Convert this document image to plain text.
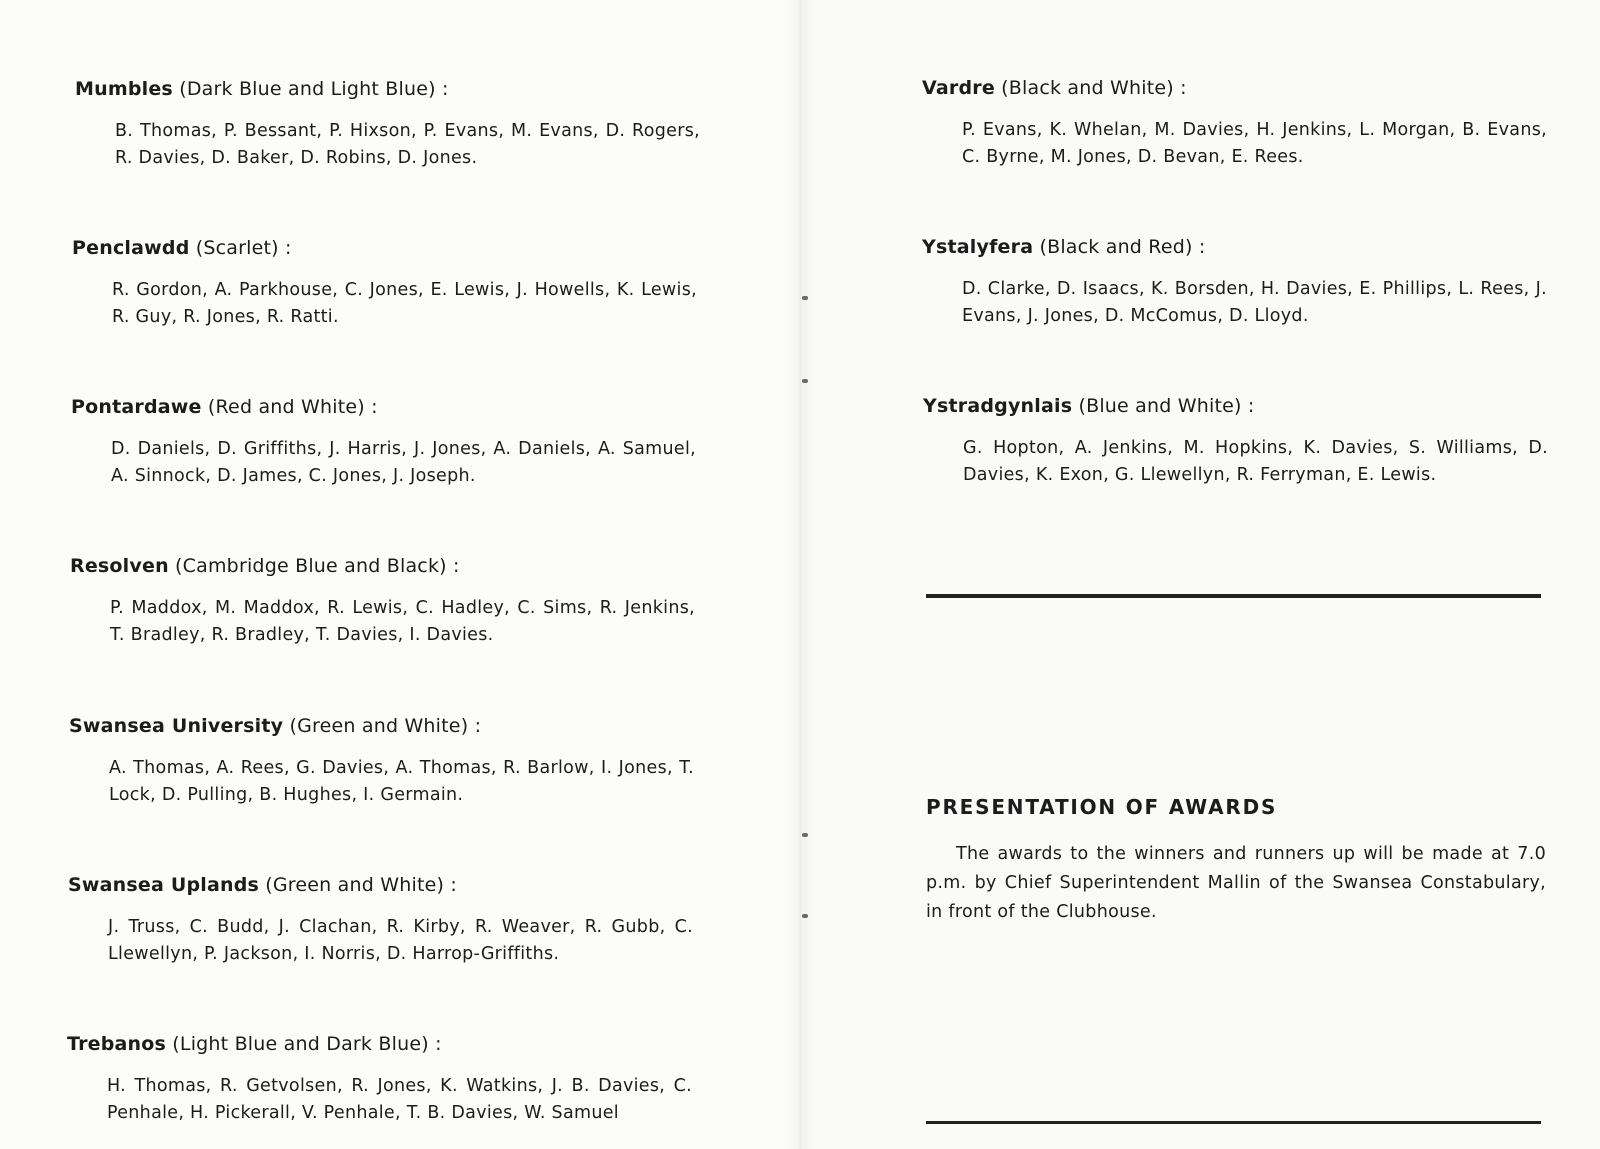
Mumbles (Dark Blue and Light Blue) :

B. Thomas, P. Bessant, P. Hixson, P. Evans, M. Evans, D. Rogers, R. Davies, D. Baker, D. Robins, D. Jones.

Penclawdd (Scarlet) :

R. Gordon, A. Parkhouse, C. Jones, E. Lewis, J. Howells, K. Lewis, R. Guy, R. Jones, R. Ratti.

Pontardawe (Red and White) :

D. Daniels, D. Griffiths, J. Harris, J. Jones, A. Daniels, A. Samuel, A. Sinnock, D. James, C. Jones, J. Joseph.

Resolven (Cambridge Blue and Black) :

P. Maddox, M. Maddox, R. Lewis, C. Hadley, C. Sims, R. Jenkins, T. Bradley, R. Bradley, T. Davies, I. Davies.

Swansea University (Green and White) :

A. Thomas, A. Rees, G. Davies, A. Thomas, R. Barlow, I. Jones, T. Lock, D. Pulling, B. Hughes, I. Germain.

Swansea Uplands (Green and White) :

J. Truss, C. Budd, J. Clachan, R. Kirby, R. Weaver, R. Gubb, C. Llewellyn, P. Jackson, I. Norris, D. Harrop-Griffiths.

Trebanos (Light Blue and Dark Blue) :

H. Thomas, R. Getvolsen, R. Jones, K. Watkins, J. B. Davies, C. Penhale, H. Pickerall, V. Penhale, T. B. Davies, W. Samuel

Vardre (Black and White) :

P. Evans, K. Whelan, M. Davies, H. Jenkins, L. Morgan, B. Evans, C. Byrne, M. Jones, D. Bevan, E. Rees.

Ystalyfera (Black and Red) :

D. Clarke, D. Isaacs, K. Borsden, H. Davies, E. Phillips, L. Rees, J. Evans, J. Jones, D. McComus, D. Lloyd.

Ystradgynlais (Blue and White) :

G. Hopton, A. Jenkins, M. Hopkins, K. Davies, S. Williams, D. Davies, K. Exon, G. Llewellyn, R. Ferryman, E. Lewis.

PRESENTATION OF AWARDS

The awards to the winners and runners up will be made at 7.0 p.m. by Chief Superintendent Mallin of the Swansea Constabulary, in front of the Clubhouse.
